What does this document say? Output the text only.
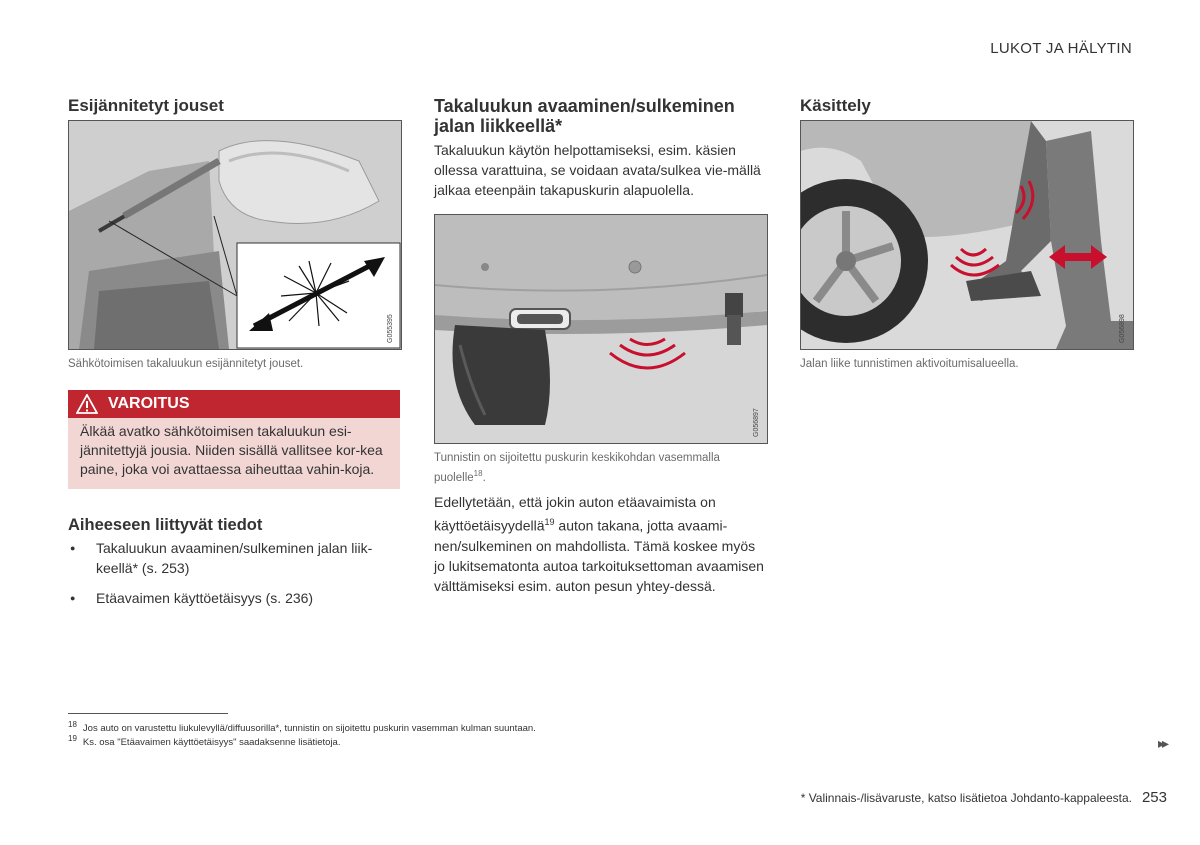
LUKOT JA HÄLYTIN
Esijännitetyt jouset
G055395
Sähkötoimisen takaluukun esijännitetyt jouset.
VAROITUS
Älkää avatko sähkötoimisen takaluukun esi-jännitettyjä jousia. Niiden sisällä vallitsee kor-kea paine, joka voi avattaessa aiheuttaa vahin-koja.
Aiheeseen liittyvät tiedot
● Takaluukun avaaminen/sulkeminen jalan liik-keellä* (s. 253)
● Etäavaimen käyttöetäisyys (s. 236)
Takaluukun avaaminen/sulkeminen jalan liikkeellä*
Takaluukun käytön helpottamiseksi, esim. käsien ollessa varattuina, se voidaan avata/sulkea vie-mällä jalkaa eteenpäin takapuskurin alapuolella.
G056897
Tunnistin on sijoitettu puskurin keskikohdan vasemmalla puolelle$^{18}$.
Edellytetään, että jokin auton etäavaimista on käyttöetäisyydellä$^{19}$ auton takana, jotta avaami-nen/sulkeminen on mahdollista. Tämä koskee myös jo lukitsematonta autoa tarkoituksettoman avaamisen välttämiseksi esim. auton pesun yhtey-dessä.
Käsittely
G056898
Jalan liike tunnistimen aktivoitumisalueella.
$^{18}$ Jos auto on varustettu liukulevyllä/diffuusorilla*, tunnistin on sijoitettu puskurin vasemman kulman suuntaan.
$^{19}$ Ks. osa "Etäavaimen käyttöetäisyys" saadaksenne lisätietoja.	▸▸
* Valinnais-/lisävaruste, katso lisätietoa Johdanto-kappaleesta. 253
